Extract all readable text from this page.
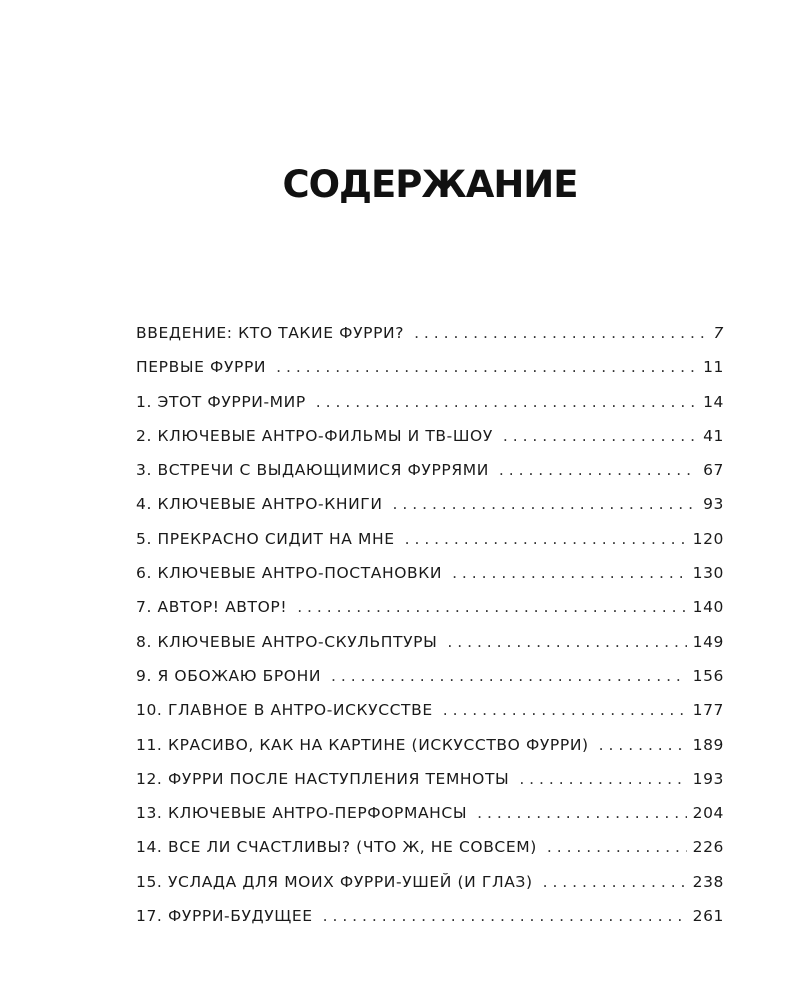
СОДЕРЖАНИЕ
ВВЕДЕНИЕ: КТО ТАКИЕ ФУРРИ? . . .	7
ПЕРВЫЕ ФУРРИ . . .	11
1. ЭТОТ ФУРРИ-МИР . . .	14
2. КЛЮЧЕВЫЕ АНТРО-ФИЛЬМЫ И ТВ-ШОУ . . .	41
3. ВСТРЕЧИ С ВЫДАЮЩИМИСЯ ФУРРЯМИ . . .	67
4. КЛЮЧЕВЫЕ АНТРО-КНИГИ . . .	93
5. ПРЕКРАСНО СИДИТ НА МНЕ . . .	120
6. КЛЮЧЕВЫЕ АНТРО-ПОСТАНОВКИ . . .	130
7. АВТОР! АВТОР! . . .	140
8. КЛЮЧЕВЫЕ АНТРО-СКУЛЬПТУРЫ . . .	149
9. Я ОБОЖАЮ БРОНИ . . .	156
10. ГЛАВНОЕ В АНТРО-ИСКУССТВЕ . . .	177
11. КРАСИВО, КАК НА КАРТИНЕ (ИСКУССТВО ФУРРИ) . . .	189
12. ФУРРИ ПОСЛЕ НАСТУПЛЕНИЯ ТЕМНОТЫ . . .	193
13. КЛЮЧЕВЫЕ АНТРО-ПЕРФОРМАНСЫ . . .	204
14. ВСЕ ЛИ СЧАСТЛИВЫ? (ЧТО Ж, НЕ СОВСЕМ) . . .	226
15. УСЛАДА ДЛЯ МОИХ ФУРРИ-УШЕЙ (И ГЛАЗ) . . .	238
17. ФУРРИ-БУДУЩЕЕ . . .	261
